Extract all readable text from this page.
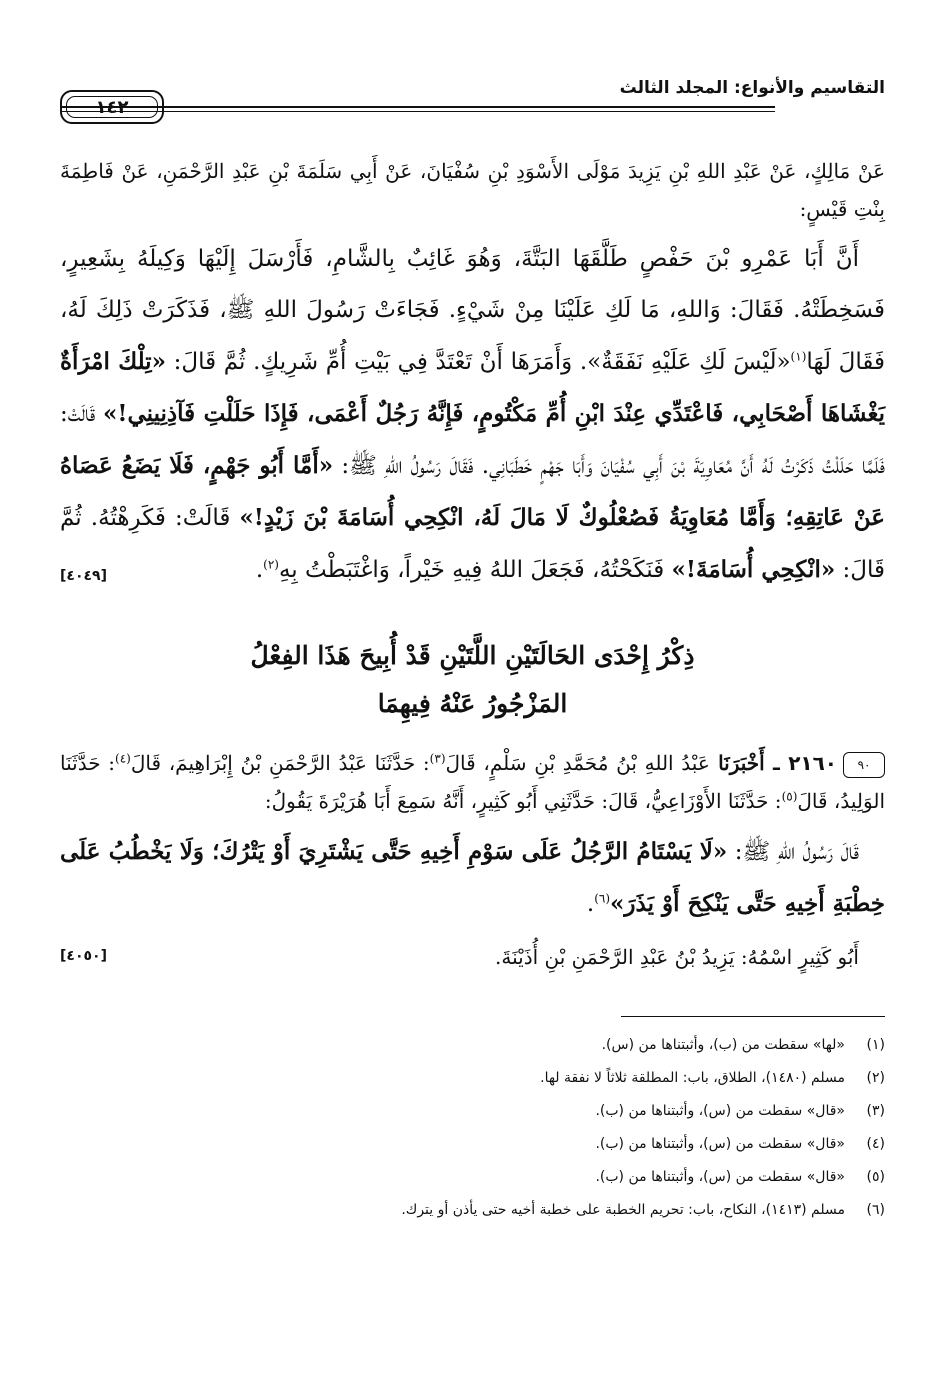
التقاسيم والأنواع: المجلد الثالث
١٤٢

عَنْ مَالِكٍ، عَنْ عَبْدِ اللهِ بْنِ يَزِيدَ مَوْلَى الأَسْوَدِ بْنِ سُفْيَانَ، عَنْ أَبِي سَلَمَةَ بْنِ عَبْدِ الرَّحْمَنِ، عَنْ فَاطِمَةَ بِنْتِ قَيْسٍ:

أَنَّ أَبَا عَمْرِو بْنَ حَفْصٍ طَلَّقَهَا البَتَّةَ، وَهُوَ غَائِبٌ بِالشَّامِ، فَأَرْسَلَ إِلَيْهَا وَكِيلَهُ بِشَعِيرٍ، فَسَخِطَتْهُ. فَقَالَ: وَاللهِ، مَا لَكِ عَلَيْنَا مِنْ شَيْءٍ. فَجَاءَتْ رَسُولَ اللهِ ﷺ، فَذَكَرَتْ ذَلِكَ لَهُ، فَقَالَ لَهَا$^{(١)}$«لَيْسَ لَكِ عَلَيْهِ نَفَقَةٌ». وَأَمَرَهَا أَنْ تَعْتَدَّ فِي بَيْتِ أُمِّ شَرِيكٍ. ثُمَّ قَالَ: «تِلْكَ امْرَأَةٌ يَغْشَاهَا أَصْحَابِي، فَاعْتَدِّي عِنْدَ ابْنِ أُمِّ مَكْتُومٍ، فَإِنَّهُ رَجُلٌ أَعْمَى، فَإِذَا حَلَلْتِ فَآذِنِينِي!» قَالَتْ: فَلَمَّا حَلَلْتُ ذَكَرْتُ لَهُ أَنَّ مُعَاوِيَةَ بْنَ أَبِي سُفْيَانَ وَأَبَا جَهْمٍ خَطَبَانِي. فَقَالَ رَسُولُ اللهِ ﷺ: «أَمَّا أَبُو جَهْمٍ، فَلَا يَضَعُ عَصَاهُ عَنْ عَاتِقِهِ؛ وَأَمَّا مُعَاوِيَةُ فَصُعْلُوكٌ لَا مَالَ لَهُ، انْكِحِي أُسَامَةَ بْنَ زَيْدٍ!» قَالَتْ: فَكَرِهْتُهُ. ثُمَّ قَالَ: «انْكِحِي أُسَامَةَ!» فَنَكَحْتُهُ، فَجَعَلَ اللهُ فِيهِ خَيْراً، وَاغْتَبَطْتُ بِهِ$^{(٢)}$.

[٤٠٤٩]
ذِكْرُ إِحْدَى الحَالَتَيْنِ اللَّتَيْنِ قَدْ أُبِيحَ هَذَا الفِعْلُ
المَزْجُورُ عَنْهُ فِيهِمَا

٩٠٢١٦٠ ـ أَخْبَرَنَا عَبْدُ اللهِ بْنُ مُحَمَّدِ بْنِ سَلْمٍ، قَالَ$^{(٣)}$: حَدَّثَنَا عَبْدُ الرَّحْمَنِ بْنُ إِبْرَاهِيمَ، قَالَ$^{(٤)}$: حَدَّثَنَا الوَلِيدُ، قَالَ$^{(٥)}$: حَدَّثَنَا الأَوْزَاعِيُّ، قَالَ: حَدَّثَنِي أَبُو كَثِيرٍ، أَنَّهُ سَمِعَ أَبَا هُرَيْرَةَ يَقُولُ:

قَالَ رَسُولُ اللهِ ﷺ: «لَا يَسْتَامُ الرَّجُلُ عَلَى سَوْمِ أَخِيهِ حَتَّى يَشْتَرِيَ أَوْ يَتْرُكَ؛ وَلَا يَخْطُبُ عَلَى خِطْبَةِ أَخِيهِ حَتَّى يَنْكِحَ أَوْ يَذَرَ»$^{(٦)}$.

أَبُو كَثِيرٍ اسْمُهُ: يَزِيدُ بْنُ عَبْدِ الرَّحْمَنِ بْنِ أُذَيْنَةَ.

[٤٠٥٠]
(١)«لها» سقطت من (ب)، وأثبتناها من (س).
(٢)مسلم (١٤٨٠)، الطلاق، باب: المطلقة ثلاثاً لا نفقة لها.
(٣)«قال» سقطت من (س)، وأثبتناها من (ب).
(٤)«قال» سقطت من (س)، وأثبتناها من (ب).
(٥)«قال» سقطت من (س)، وأثبتناها من (ب).
(٦)مسلم (١٤١٣)، النكاح، باب: تحريم الخطبة على خطبة أخيه حتى يأذن أو يترك.
